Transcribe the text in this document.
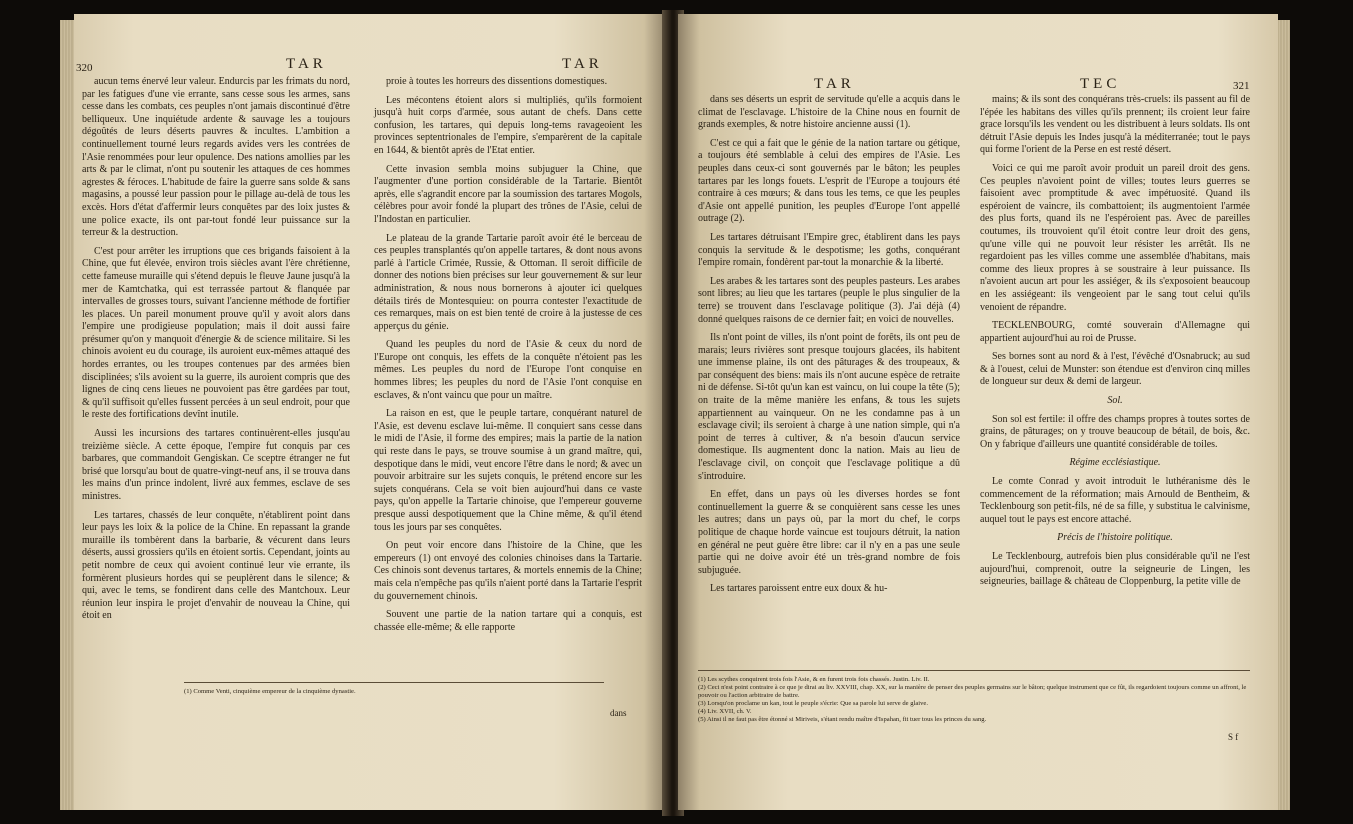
320	TAR	TAR

aucun tems énervé leur valeur. Endurcis par les frimats du nord, par les fatigues d'une vie errante, sans cesse sous les armes, sans cesse dans les combats, ces peuples n'ont jamais discontinué d'être belliqueux. Une inquiétude ardente & sauvage les a toujours dégoûtés de leurs déserts pauvres & incultes. L'ambition a continuellement tourné leurs regards avides vers les contrées de l'Asie renommées pour leur opulence. Des nations amollies par les arts & par le climat, n'ont pu soutenir les attaques de ces hommes agrestes & féroces. L'habitude de faire la guerre sans solde & sans magasins, a poussé leur passion pour le pillage au-delà de tous les excès. Hors d'état d'affermir leurs conquêtes par des loix justes & une police exacte, ils ont par-tout fondé leur puissance sur la terreur & la destruction.

C'est pour arrêter les irruptions que ces brigands faisoient à la Chine, que fut élevée, environ trois siècles avant l'ère chrétienne, cette fameuse muraille qui s'étend depuis le fleuve Jaune jusqu'à la mer de Kamtchatka, qui est terrassée partout & flanquée par intervalles de grosses tours, suivant l'ancienne méthode de fortifier les places. Un pareil monument prouve qu'il y avoit alors dans l'empire une prodigieuse population; mais il doit aussi faire présumer qu'on y manquoit d'énergie & de science militaire. Si les chinois avoient eu du courage, ils auroient eux-mêmes attaqué des hordes errantes, ou les troupes contenues par des armées bien disciplinées; s'ils avoient su la guerre, ils auroient compris que des lignes de cinq cens lieues ne pouvoient pas être gardées par tout, & qu'il suffisoit qu'elles fussent percées à un seul endroit, pour que le reste des fortifications devînt inutile.

Aussi les incursions des tartares continuèrent-elles jusqu'au treizième siècle. A cette époque, l'empire fut conquis par ces barbares, que commandoit Gengiskan. Ce sceptre étranger ne fut brisé que lorsqu'au bout de quatre-vingt-neuf ans, il se trouva dans les mains d'un prince indolent, livré aux femmes, esclave de ses ministres.

Les tartares, chassés de leur conquête, n'établirent point dans leur pays les loix & la police de la Chine. En repassant la grande muraille ils tombèrent dans la barbarie, & vécurent dans leurs déserts, aussi grossiers qu'ils en étoient sortis. Cependant, joints au petit nombre de ceux qui avoient continué leur vie errante, ils formèrent plusieurs hordes qui se peuplèrent dans le silence; & qui, avec le tems, se fondirent dans celle des Mantchoux. Leur réunion leur inspira le projet d'envahir de nouveau la Chine, qui étoit en

proie à toutes les horreurs des dissentions domestiques.

Les mécontens étoient alors si multipliés, qu'ils formoient jusqu'à huit corps d'armée, sous autant de chefs. Dans cette confusion, les tartares, qui depuis long-tems ravageoient les provinces septentrionales de l'empire, s'emparèrent de la capitale en 1644, & bientôt après de l'Etat entier.

Cette invasion sembla moins subjuguer la Chine, que l'augmenter d'une portion considérable de la Tartarie. Bientôt après, elle s'agrandit encore par la soumission des tartares Mogols, célèbres pour avoir fondé la plupart des trônes de l'Asie, celui de l'Indostan en particulier.

Le plateau de la grande Tartarie paroît avoir été le berceau de ces peuples transplantés qu'on appelle tartares, & dont nous avons parlé à l'article Crimée, Russie, & Ottoman. Il seroit difficile de donner des notions bien précises sur leur gouvernement & sur leur administration, & nous nous bornerons à ajouter ici quelques détails tirés de Montesquieu: on pourra contester l'exactitude de ces remarques, mais on est bien tenté de croire à la justesse de ces apperçus du génie.

Quand les peuples du nord de l'Asie & ceux du nord de l'Europe ont conquis, les effets de la conquête n'étoient pas les mêmes. Les peuples du nord de l'Europe l'ont conquise en hommes libres; les peuples du nord de l'Asie l'ont conquise en esclaves, & n'ont vaincu que pour un maître.

La raison en est, que le peuple tartare, conquérant naturel de l'Asie, est devenu esclave lui-même. Il conquiert sans cesse dans le midi de l'Asie, il forme des empires; mais la partie de la nation qui reste dans le pays, se trouve soumise à un grand maître, qui, despotique dans le midi, veut encore l'être dans le nord; & avec un pouvoir arbitraire sur les sujets conquis, le prétend encore sur les sujets conquérans. Cela se voit bien aujourd'hui dans ce vaste pays, qu'on appelle la Tartarie chinoise, que l'empereur gouverne presque aussi despotiquement que la Chine même, & qu'il étend tous les jours par ses conquêtes.

On peut voir encore dans l'histoire de la Chine, que les empereurs (1) ont envoyé des colonies chinoises dans la Tartarie. Ces chinois sont devenus tartares, & mortels ennemis de la Chine; mais cela n'empêche pas qu'ils n'aient porté dans la Tartarie l'esprit du gouvernement chinois.

Souvent une partie de la nation tartare qui a conquis, est chassée elle-même; & elle rapporte

(1) Comme Venti, cinquième empereur de la cinquième dynastie.
dans
TAR	TEC	321

dans ses déserts un esprit de servitude qu'elle a acquis dans le climat de l'esclavage. L'histoire de la Chine nous en fournit de grands exemples, & notre histoire ancienne aussi (1).

C'est ce qui a fait que le génie de la nation tartare ou gétique, a toujours été semblable à celui des empires de l'Asie. Les peuples dans ceux-ci sont gouvernés par le bâton; les peuples tartares par les longs fouets. L'esprit de l'Europe a toujours été contraire à ces mœurs; & dans tous les tems, ce que les peuples d'Asie ont appellé punition, les peuples d'Europe l'ont appellé outrage (2).

Les tartares détruisant l'Empire grec, établirent dans les pays conquis la servitude & le despotisme; les goths, conquérant l'empire romain, fondèrent par-tout la monarchie & la liberté.

Les arabes & les tartares sont des peuples pasteurs. Les arabes sont libres; au lieu que les tartares (peuple le plus singulier de la terre) se trouvent dans l'esclavage politique (3). J'ai déjà (4) donné quelques raisons de ce dernier fait; en voici de nouvelles.

Ils n'ont point de villes, ils n'ont point de forêts, ils ont peu de marais; leurs rivières sont presque toujours glacées, ils habitent une immense plaine, ils ont des pâturages & des troupeaux, & par conséquent des biens: mais ils n'ont aucune espèce de retraite ni de défense. Si-tôt qu'un kan est vaincu, on lui coupe la tête (5); on traite de la même manière les enfans, & tous les sujets appartiennent au vainqueur. On ne les condamne pas à un esclavage civil; ils seroient à charge à une nation simple, qui n'a point de terres à cultiver, & n'a besoin d'aucun service domestique. Ils augmentent donc la nation. Mais au lieu de l'esclavage civil, on conçoit que l'esclavage politique a dû s'introduire.

En effet, dans un pays où les diverses hordes se font continuellement la guerre & se conquièrent sans cesse les unes les autres; dans un pays où, par la mort du chef, le corps politique de chaque horde vaincue est toujours détruit, la nation en général ne peut guère être libre: car il n'y en a pas une seule partie qui ne doive avoir été un très-grand nombre de fois subjuguée.

Les tartares paroissent entre eux doux & hu-

mains; & ils sont des conquérans très-cruels: ils passent au fil de l'épée les habitans des villes qu'ils prennent; ils croient leur faire grace lorsqu'ils les vendent ou les distribuent à leurs soldats. Ils ont détruit l'Asie depuis les Indes jusqu'à la méditerranée; tout le pays qui forme l'orient de la Perse en est resté désert.

Voici ce qui me paroît avoir produit un pareil droit des gens. Ces peuples n'avoient point de villes; toutes leurs guerres se faisoient avec promptitude & avec impétuosité. Quand ils espéroient de vaincre, ils combattoient; ils augmentoient l'armée des plus forts, quand ils ne l'espéroient pas. Avec de pareilles coutumes, ils trouvoient qu'il étoit contre leur droit des gens, qu'une ville qui ne pouvoit leur résister les arrêtât. Ils ne regardoient pas les villes comme une assemblée d'habitans, mais comme des lieux propres à se soustraire à leur puissance. Ils n'avoient aucun art pour les assiéger, & ils s'exposoient beaucoup en les assiégeant: ils vengeoient par le sang tout celui qu'ils venoient de répandre.

TECKLENBOURG, comté souverain d'Allemagne qui appartient aujourd'hui au roi de Prusse.

Ses bornes sont au nord & à l'est, l'évêché d'Osnabruck; au sud & à l'ouest, celui de Munster: son étendue est d'environ cinq milles de longueur sur deux & demi de largeur.

Sol.

Son sol est fertile: il offre des champs propres à toutes sortes de grains, de pâturages; on y trouve beaucoup de bétail, de bois, &c. On y fabrique d'ailleurs une quantité considérable de toiles.

Régime ecclésiastique.

Le comte Conrad y avoit introduit le luthéranisme dès le commencement de la réformation; mais Arnould de Bentheim, & Tecklenbourg son petit-fils, né de sa fille, y substitua le calvinisme, auquel tout le pays est encore attaché.

Précis de l'histoire politique.

Le Tecklenbourg, autrefois bien plus considérable qu'il ne l'est aujourd'hui, comprenoit, outre la seigneurie de Lingen, les seigneuries, baillage & château de Cloppenburg, la petite ville de

(1) Les scythes conquirent trois fois l'Asie, & en furent trois fois chassés. Justin. Liv. II.

(2) Ceci n'est point contraire à ce que je dirai au liv. XXVIII, chap. XX, sur la manière de penser des peuples germains sur le bâton; quelque instrument que ce fût, ils regardoient toujours comme un affront, le pouvoir ou l'action arbitraire de battre.

(3) Lorsqu'on proclame un kan, tout le peuple s'écrie: Que sa parole lui serve de glaive.

(4) Liv. XVII, ch. V.

(5) Ainsi il ne faut pas être étonné si Miriveis, s'étant rendu maître d'Ispahan, fit tuer tous les princes du sang.

S f
